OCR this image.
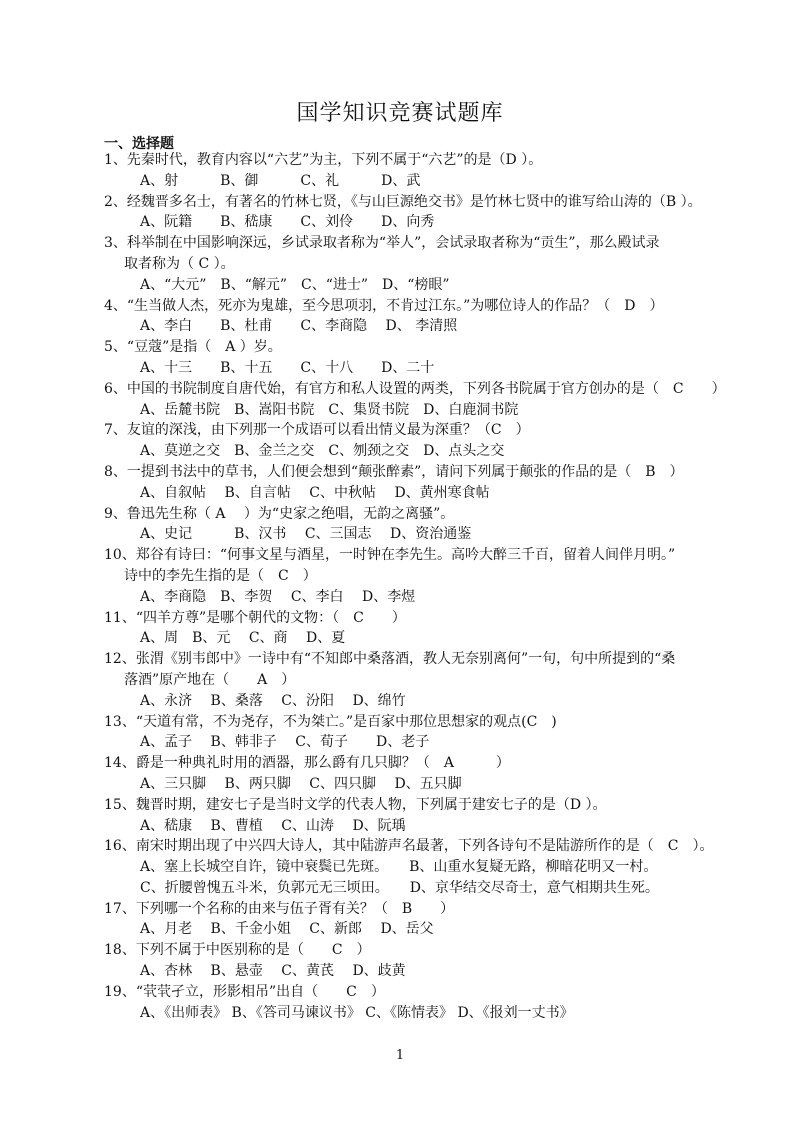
国学知识竞赛试题库
一、选择题
1、先秦时代，教育内容以“六艺”为主，下列不属于“六艺”的是（D ）。
A、射　　　B、御　　　C、礼　　　D、武
2、经魏晋多名士，有著名的竹林七贤，《与山巨源绝交书》是竹林七贤中的谁写给山涛的（B ）。
A、阮籍　　B、嵇康　　C、刘伶　　D、向秀
3、科举制在中国影响深远，乡试录取者称为“举人”，会试录取者称为“贡生”，那么殿试录
取者称为（ C ）。
A、“大元”　B、“解元”　C、“进士”　D、“榜眼”
4、“生当做人杰，死亦为鬼雄，至今思项羽，不肯过江东。”为哪位诗人的作品？（　D　）
A、李白　　B、杜甫　　C、李商隐　 D、 李清照
5、“豆蔻”是指（　A ）岁。
A、十三　　B、十五　　C、十八　　D、二十
6、中国的书院制度自唐代始，有官方和私人设置的两类，下列各书院属于官方创办的是（　C　　）
A、岳麓书院　B、嵩阳书院　C、集贤书院　D、白鹿洞书院
7、友谊的深浅，由下列那一个成语可以看出情义最为深重？（C　）
A、莫逆之交　B、金兰之交　C、刎颈之交　D、点头之交
8、一提到书法中的草书，人们便会想到“颠张醉素”，请问下列属于颠张的作品的是（　B　）
A、自叙帖　 B、自言帖　 C、中秋帖　 D、黄州寒食帖
9、鲁迅先生称（ A 　）为“史家之绝唱，无韵之离骚”。
A、史记　　　B、汉书　 C、三国志　 D、资治通鉴
10、郑谷有诗曰：“何事文星与酒星，一时钟在李先生。高吟大醉三千百，留着人间伴月明。”
诗中的李先生指的是（　C　）
A、李商隐　B、李贺　 C、李白　 D、李煜
11、“四羊方尊”是哪个朝代的文物：（　C　　）
A、周　B、元　 C、商　 D、夏
12、张渭《别韦郎中》一诗中有“不知郎中桑落酒，教人无奈别离何”一句，句中所提到的“桑
落酒”原产地在（　　A　）
A、永济　 B、桑落　 C、汾阳　 D、绵竹
13、“天道有常，不为尧存，不为桀亡。”是百家中那位思想家的观点(C　)
A、孟子　 B、韩非子　 C、荀子　　D、老子
14、爵是一种典礼时用的酒器，那么爵有几只脚？（　A　　　）
A、三只脚　 B、两只脚　 C、四只脚　 D、五只脚
15、魏晋时期，建安七子是当时文学的代表人物，下列属于建安七子的是（D ）。
A、嵇康　 B、曹植　 C、山涛　 D、阮瑀
16、南宋时期出现了中兴四大诗人，其中陆游声名最著，下列各诗句不是陆游所作的是（　C　）。
A、塞上长城空自许，镜中衰鬓已先斑。　　B、山重水复疑无路，柳暗花明又一村。
C、折腰曾愧五斗米，负郭元无三顷田。　　D、京华结交尽奇士，意气相期共生死。
17、下列哪一个名称的由来与伍子胥有关？（　B　　）
A、月老　 B、千金小姐　 C、新郎　 D、岳父
18、下列不属于中医别称的是（　　C　）
A、杏林　 B、悬壶　 C、黄芪　 D、歧黄
19、“茕茕孑立，形影相吊”出自（　　C　）
A、《出师表》 B、《答司马谏议书》 C、《陈情表》 D、《报刘一丈书》
1
